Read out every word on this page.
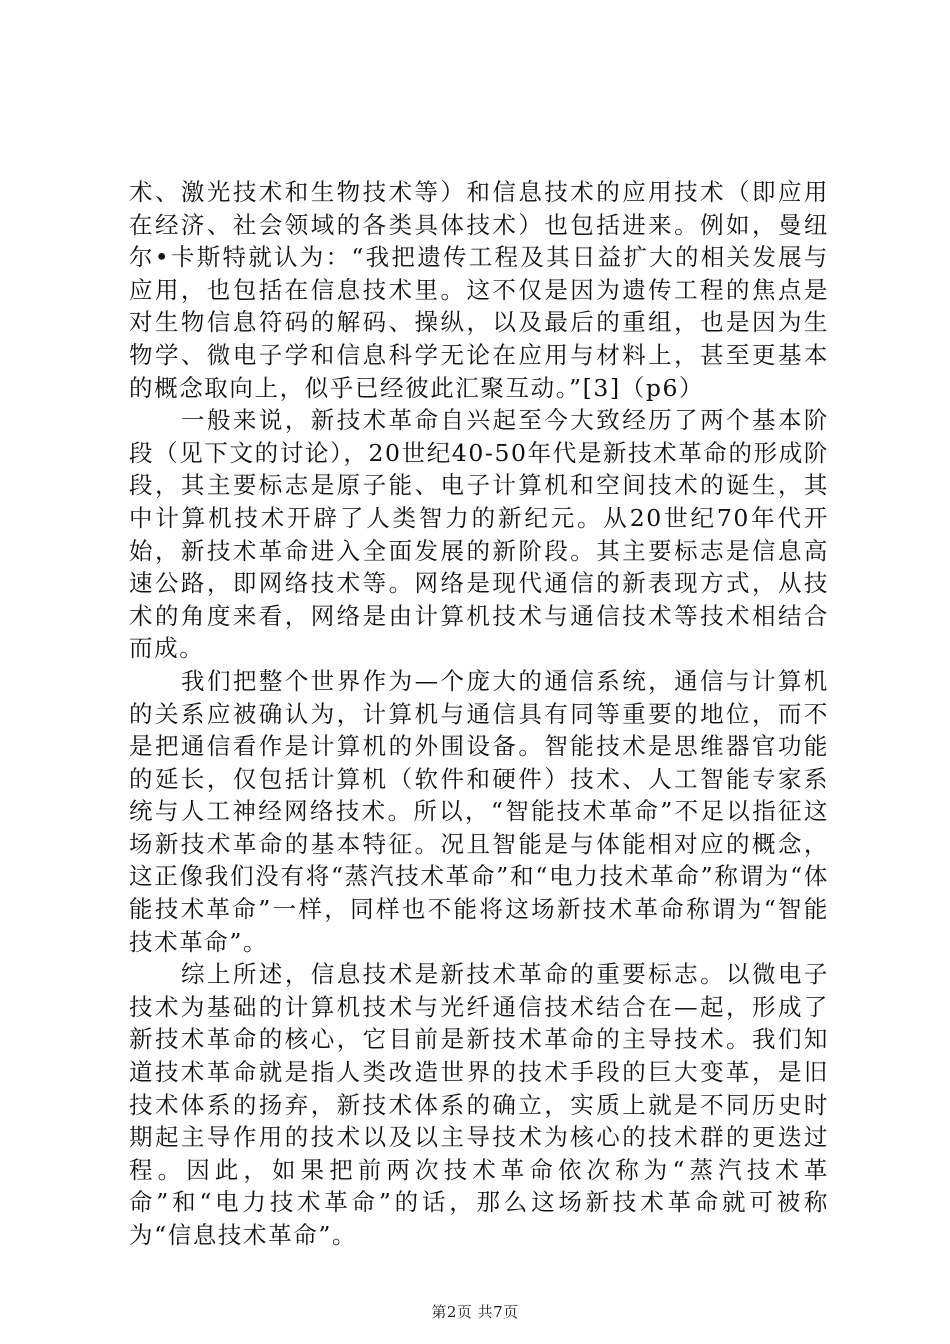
术、激光技术和生物技术等）和信息技术的应用技术（即应用在经济、社会领域的各类具体技术）也包括进来。例如，曼纽尔•卡斯特就认为：“我把遗传工程及其日益扩大的相关发展与应用，也包括在信息技术里。这不仅是因为遗传工程的焦点是对生物信息符码的解码、操纵，以及最后的重组，也是因为生物学、微电子学和信息科学无论在应用与材料上，甚至更基本的概念取向上，似乎已经彼此汇聚互动。”[3]（p6）

一般来说，新技术革命自兴起至今大致经历了两个基本阶段（见下文的讨论），20世纪40-50年代是新技术革命的形成阶段，其主要标志是原子能、电子计算机和空间技术的诞生，其中计算机技术开辟了人类智力的新纪元。从20世纪70年代开始，新技术革命进入全面发展的新阶段。其主要标志是信息高速公路，即网络技术等。网络是现代通信的新表现方式，从技术的角度来看，网络是由计算机技术与通信技术等技术相结合而成。

我们把整个世界作为—个庞大的通信系统，通信与计算机的关系应被确认为，计算机与通信具有同等重要的地位，而不是把通信看作是计算机的外围设备。智能技术是思维器官功能的延长，仅包括计算机（软件和硬件）技术、人工智能专家系统与人工神经网络技术。所以，“智能技术革命”不足以指征这场新技术革命的基本特征。况且智能是与体能相对应的概念，这正像我们没有将“蒸汽技术革命”和“电力技术革命”称谓为“体能技术革命”一样，同样也不能将这场新技术革命称谓为“智能技术革命”。

综上所述，信息技术是新技术革命的重要标志。以微电子技术为基础的计算机技术与光纤通信技术结合在—起，形成了新技术革命的核心，它目前是新技术革命的主导技术。我们知道技术革命就是指人类改造世界的技术手段的巨大变革，是旧技术体系的扬弃，新技术体系的确立，实质上就是不同历史时期起主导作用的技术以及以主导技术为核心的技术群的更迭过程。因此，如果把前两次技术革命依次称为“蒸汽技术革命”和“电力技术革命”的话，那么这场新技术革命就可被称为“信息技术革命”。

第2页 共7页
